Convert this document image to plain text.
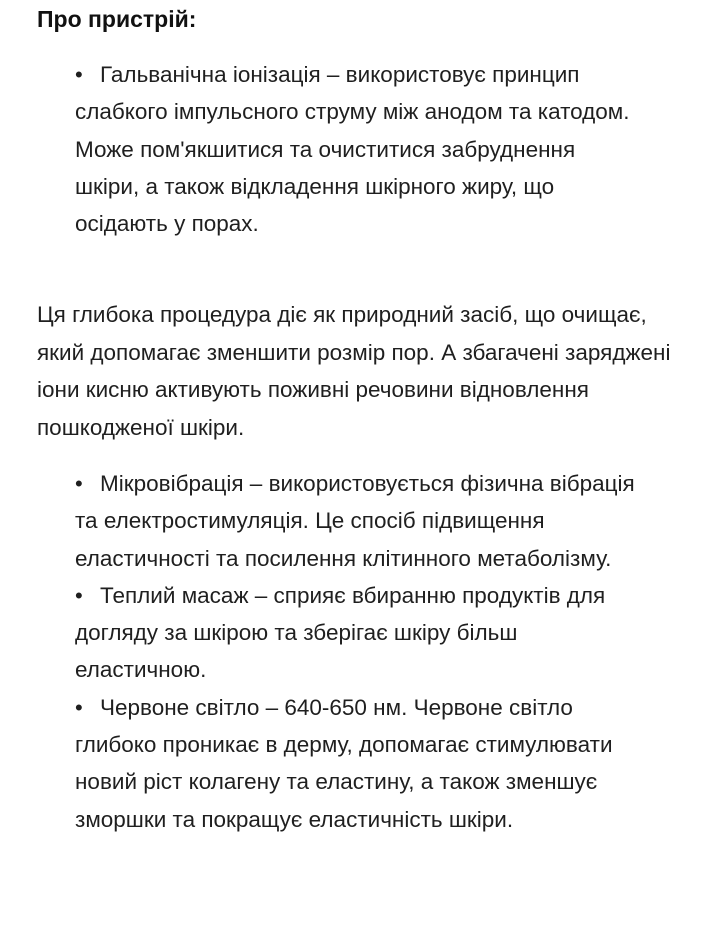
Про пристрій:
• Гальванічна іонізація – використовує принцип слабкого імпульсного струму між анодом та катодом. Може пом'якшитися та очиститися забруднення шкіри, а також відкладення шкірного жиру, що осідають у порах.

Ця глибока процедура діє як природний засіб, що очищає, який допомагає зменшити розмір пор. А збагачені заряджені іони кисню активують поживні речовини відновлення пошкодженої шкіри.

• Мікровібрація – використовується фізична вібрація та електростимуляція. Це спосіб підвищення еластичності та посилення клітинного метаболізму.
• Теплий масаж – сприяє вбиранню продуктів для догляду за шкірою та зберігає шкіру більш еластичною.
• Червоне світло – 640-650 нм. Червоне світло глибоко проникає в дерму, допомагає стимулювати новий ріст колагену та еластину, а також зменшує зморшки та покращує еластичність шкіри.
